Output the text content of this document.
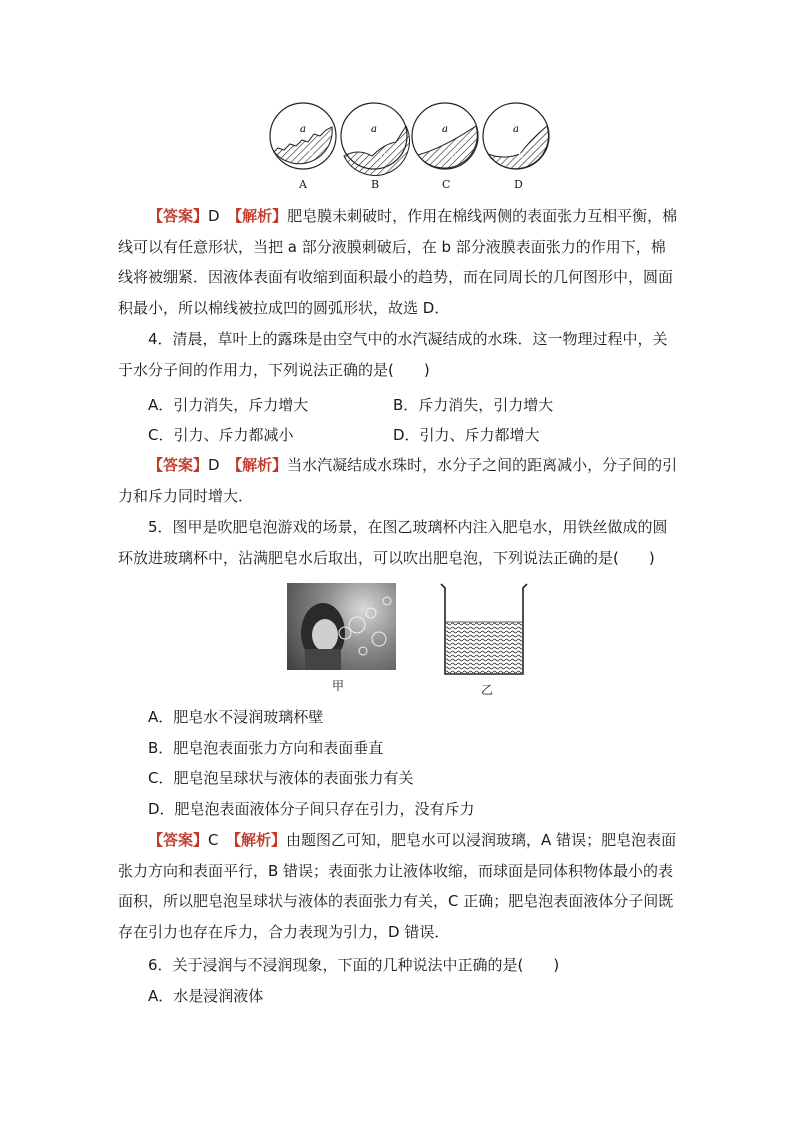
a
b
a
b
a
b
a
b
A	B	C	D

【答案】D　 【解析】肥皂膜未刺破时，作用在棉线两侧的表面张力互相平衡，棉线可以有任意形状，当把 a 部分液膜刺破后，在 b 部分液膜表面张力的作用下，棉线将被绷紧．因液体表面有收缩到面积最小的趋势，而在同周长的几何图形中，圆面积最小，所以棉线被拉成凹的圆弧形状，故选 D．

4．清晨，草叶上的露珠是由空气中的水汽凝结成的水珠．这一物理过程中，关于水分子间的作用力，下列说法正确的是(　　)

A．引力消失，斥力增大	B．斥力消失，引力增大
C．引力、斥力都减小	D．引力、斥力都增大

【答案】D　 【解析】当水汽凝结成水珠时，水分子之间的距离减小，分子间的引力和斥力同时增大．

5．图甲是吹肥皂泡游戏的场景，在图乙玻璃杯内注入肥皂水，用铁丝做成的圆环放进玻璃杯中，沾满肥皂水后取出，可以吹出肥皂泡，下列说法正确的是(　　)

甲	乙
A．肥皂水不浸润玻璃杯壁
B．肥皂泡表面张力方向和表面垂直
C．肥皂泡呈球状与液体的表面张力有关
D．肥皂泡表面液体分子间只存在引力，没有斥力

【答案】C　 【解析】由题图乙可知，肥皂水可以浸润玻璃，A 错误；肥皂泡表面张力方向和表面平行，B 错误；表面张力让液体收缩，而球面是同体积物体最小的表面积，所以肥皂泡呈球状与液体的表面张力有关，C 正确；肥皂泡表面液体分子间既存在引力也存在斥力，合力表现为引力，D 错误．

6．关于浸润与不浸润现象，下面的几种说法中正确的是(　　)

A．水是浸润液体
